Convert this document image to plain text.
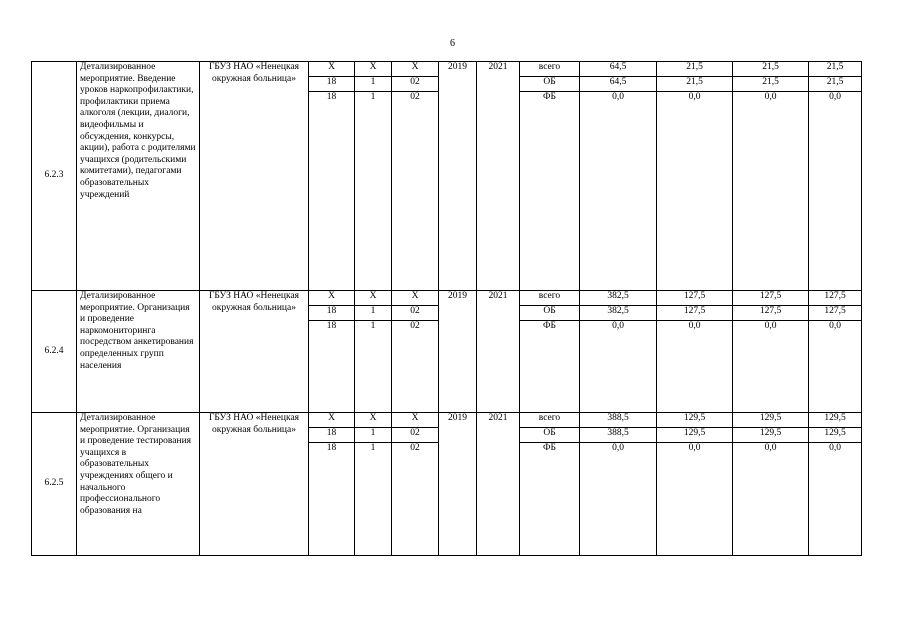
6
6.2.3	Детализированное мероприятие. Введение уроков наркопрофилактики, профилактики приема алкоголя (лекции, диалоги, видеофильмы и обсуждения, конкурсы, акции), работа с родителями учащихся (родительскими комитетами), педагогами образовательных учреждений	ГБУЗ НАО «Ненецкая окружная больница»	Х	Х	Х	2019	2021	всего	64,5	21,5	21,5	21,5
			18	1	02			ОБ	64,5	21,5	21,5	21,5
			18	1	02			ФБ	0,0	0,0	0,0	0,0
6.2.4	Детализированное мероприятие. Организация и проведение наркомониторинга посредством анкетирования определенных групп населения	ГБУЗ НАО «Ненецкая окружная больница»	Х	Х	Х	2019	2021	всего	382,5	127,5	127,5	127,5
			18	1	02			ОБ	382,5	127,5	127,5	127,5
			18	1	02			ФБ	0,0	0,0	0,0	0,0
6.2.5	Детализированное мероприятие. Организация и проведение тестирования учащихся в образовательных учреждениях общего и начального профессионального образования на	ГБУЗ НАО «Ненецкая окружная больница»	Х	Х	Х	2019	2021	всего	388,5	129,5	129,5	129,5
			18	1	02			ОБ	388,5	129,5	129,5	129,5
			18	1	02			ФБ	0,0	0,0	0,0	0,0
